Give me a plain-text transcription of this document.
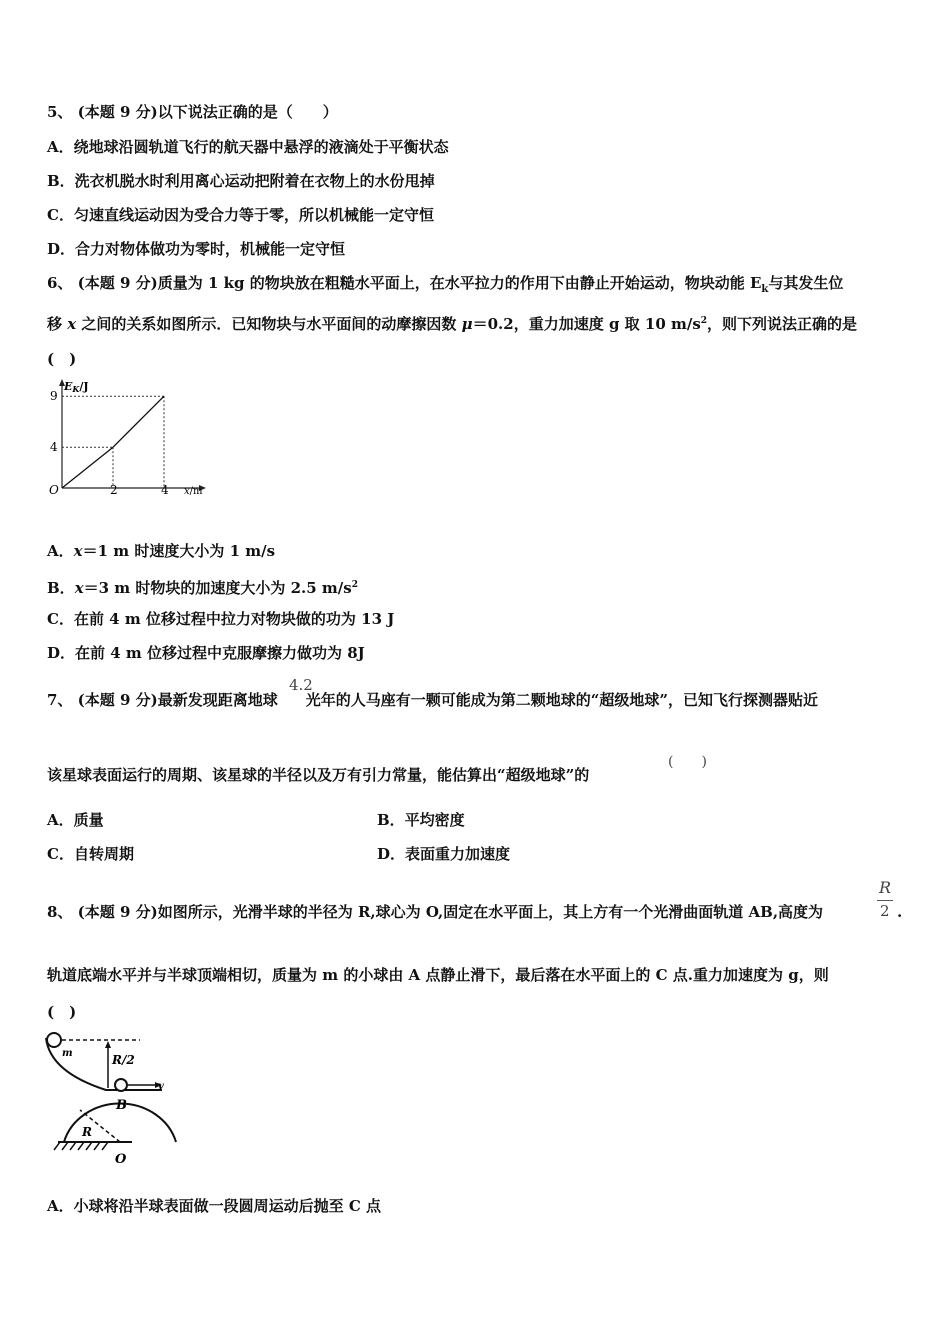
5、 (本题 9 分)以下说法正确的是（　　）
A．绕地球沿圆轨道飞行的航天器中悬浮的液滴处于平衡状态
B．洗衣机脱水时利用离心运动把附着在衣物上的水份甩掉
C．匀速直线运动因为受合力等于零，所以机械能一定守恒
D．合力对物体做功为零时，机械能一定守恒
6、 (本题 9 分)质量为 1 kg 的物块放在粗糙水平面上，在水平拉力的作用下由静止开始运动，物块动能 $E_k$与其发生位
移 x 之间的关系如图所示．已知物块与水平面间的动摩擦因数 μ＝0.2，重力加速度 g 取 10 $m/s^2$，则下列说法正确的是
(　)
EK/J
x/m
O
9
4
2	4
A．x＝1 m 时速度大小为 1 m/s
B．x＝3 m 时物块的加速度大小为 2.5 $m/s^2$
C．在前 4 m 位移过程中拉力对物块做的功为 13 J
D．在前 4 m 位移过程中克服摩擦力做功为 8J
7、 (本题 9 分)最新发现距离地球 光年的人马座有一颗可能成为第二颗地球的“超级地球”，已知飞行探测器贴近
4.2
该星球表面运行的周期、该星球的半径以及万有引力常量，能估算出“超级地球”的
(　　)
A．质量	B．平均密度
C．自转周期	D．表面重力加速度
8、 (本题 9 分)如图所示，光滑半球的半径为 R,球心为 O,固定在水平面上，其上方有一个光滑曲面轨道 AB,高度为
R
2 .
轨道底端水平并与半球顶端相切，质量为 m 的小球由 A 点静止滑下，最后落在水平面上的 C 点.重力加速度为 g，则
(　)
m	R/2
v
B
R
O
A．小球将沿半球表面做一段圆周运动后抛至 C 点
